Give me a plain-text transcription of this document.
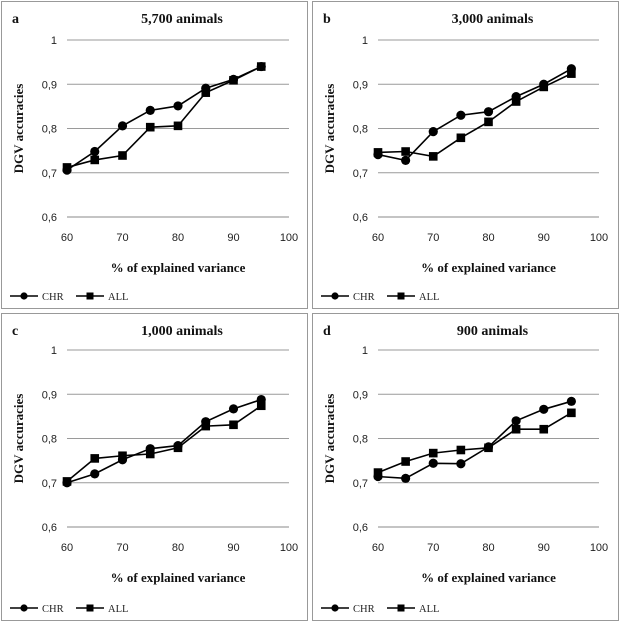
a	5,700 animals
0,6
0,7
0,8
0,9
1
60	70	80	90	100
% of explained variance
DGV accuracies
CHR	ALL
b	3,000 animals
0,6
0,7
0,8
0,9
1
60	70	80	90	100
% of explained variance
DGV accuracies
CHR	ALL
c	1,000 animals
0,6
0,7
0,8
0,9
1
60	70	80	90	100
% of explained variance
DGV accuracies
CHR	ALL
d	900 animals
0,6
0,7
0,8
0,9
1
60	70	80	90	100
% of explained variance
DGV accuracies
CHR	ALL
